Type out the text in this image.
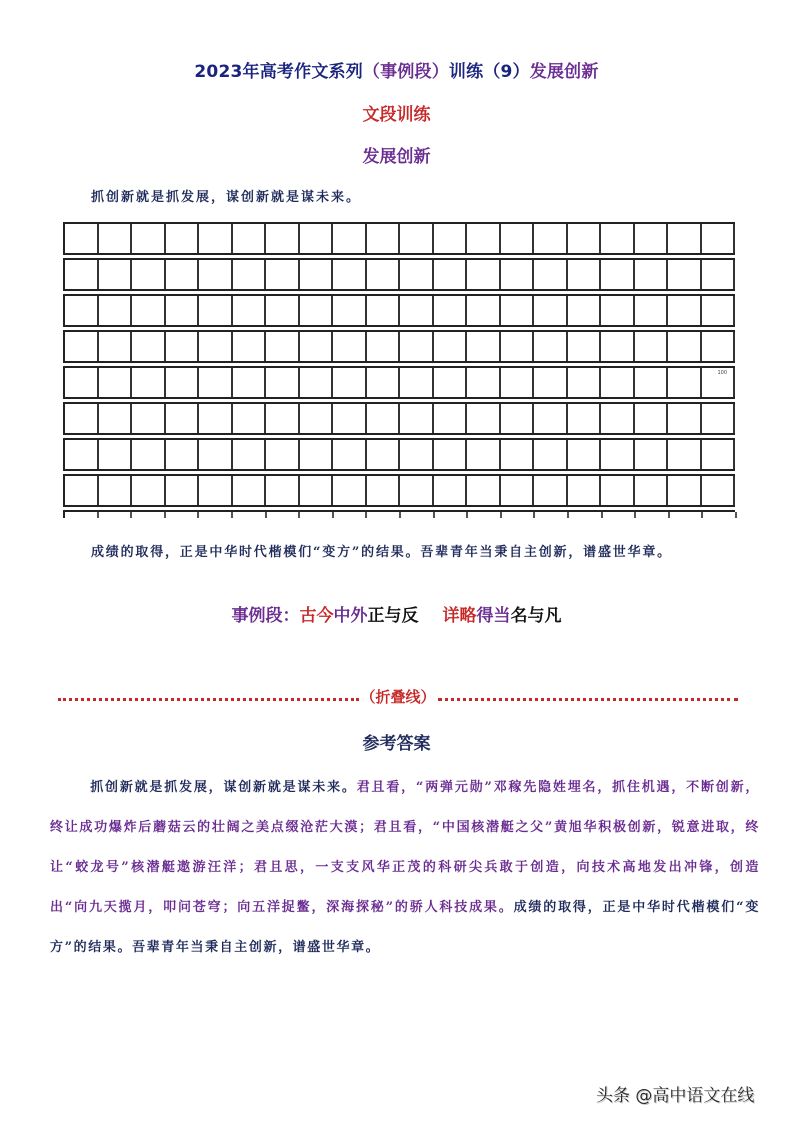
2023年高考作文系列（事例段）训练（9）发展创新
文段训练
发展创新
抓创新就是抓发展，谋创新就是谋未来。
100
成绩的取得，正是中华时代楷模们“变方”的结果。吾辈青年当秉自主创新，谱盛世华章。
事例段：古今中外正与反 详略得当名与凡
（折叠线）
参考答案
抓创新就是抓发展，谋创新就是谋未来。君且看，“两弹元勋”邓稼先隐姓埋名，抓住机遇，不断创新，终让成功爆炸后蘑菇云的壮阔之美点缀沧茫大漠；君且看，“中国核潜艇之父”黄旭华积极创新，锐意进取，终让“蛟龙号”核潜艇遨游汪洋；君且思，一支支风华正茂的科研尖兵敢于创造，向技术高地发出冲锋，创造出“向九天揽月，叩问苍穹；向五洋捉鳖，深海探秘”的骄人科技成果。成绩的取得，正是中华时代楷模们“变方”的结果。吾辈青年当秉自主创新，谱盛世华章。
头条 @高中语文在线
